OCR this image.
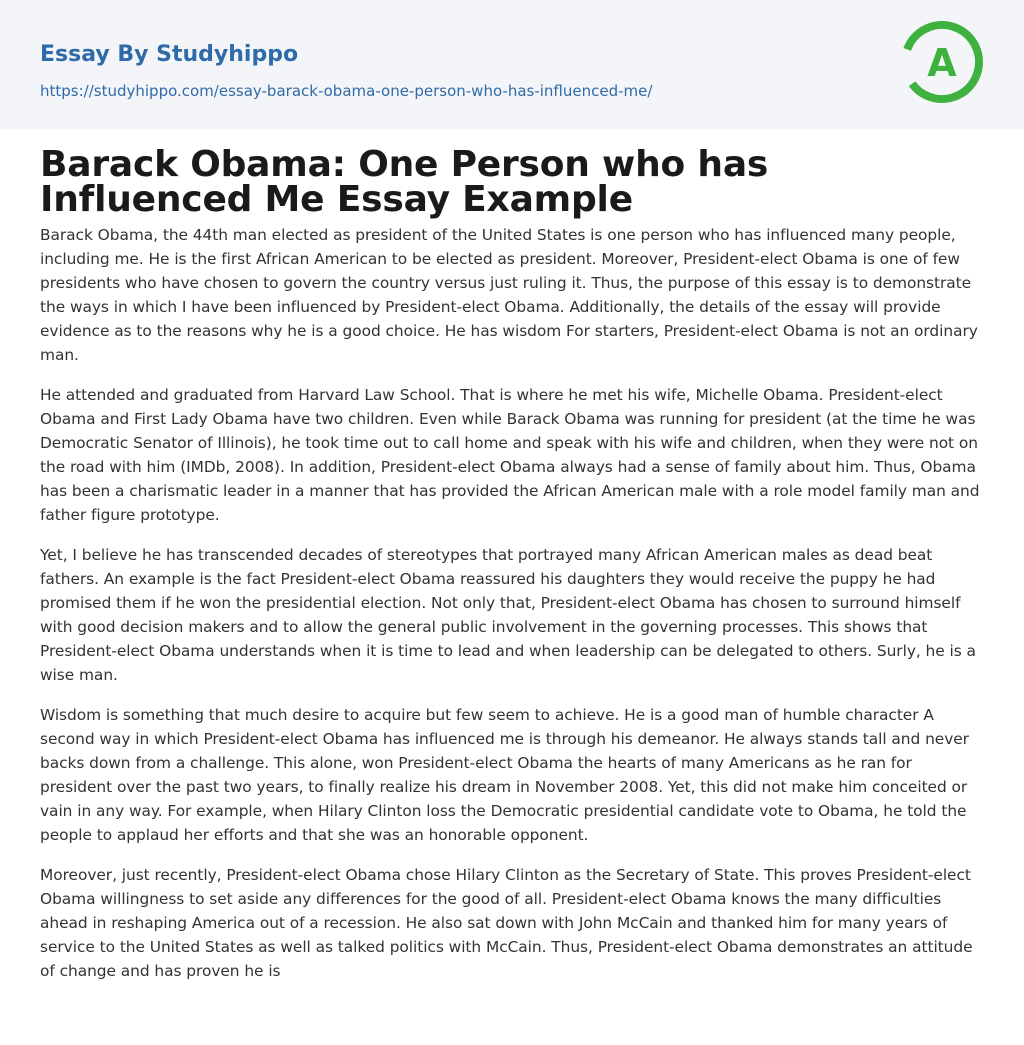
Essay By Studyhippo
https://studyhippo.com/essay-barack-obama-one-person-who-has-influenced-me/
A
Barack Obama: One Person who has Influenced Me Essay Example

Barack Obama, the 44th man elected as president of the United States is one person who has influenced many people, including me. He is the first African American to be elected as president. Moreover, President-elect Obama is one of few presidents who have chosen to govern the country versus just ruling it. Thus, the purpose of this essay is to demonstrate the ways in which I have been influenced by President-elect Obama. Additionally, the details of the essay will provide evidence as to the reasons why he is a good choice. He has wisdom For starters, President-elect Obama is not an ordinary man.

He attended and graduated from Harvard Law School. That is where he met his wife, Michelle Obama. President-elect Obama and First Lady Obama have two children. Even while Barack Obama was running for president (at the time he was Democratic Senator of Illinois), he took time out to call home and speak with his wife and children, when they were not on the road with him (IMDb, 2008). In addition, President-elect Obama always had a sense of family about him. Thus, Obama has been a charismatic leader in a manner that has provided the African American male with a role model family man and father figure prototype.

Yet, I believe he has transcended decades of stereotypes that portrayed many African American males as dead beat fathers. An example is the fact President-elect Obama reassured his daughters they would receive the puppy he had promised them if he won the presidential election. Not only that, President-elect Obama has chosen to surround himself with good decision makers and to allow the general public involvement in the governing processes. This shows that President-elect Obama understands when it is time to lead and when leadership can be delegated to others. Surly, he is a wise man.

Wisdom is something that much desire to acquire but few seem to achieve. He is a good man of humble character A second way in which President-elect Obama has influenced me is through his demeanor. He always stands tall and never backs down from a challenge. This alone, won President-elect Obama the hearts of many Americans as he ran for president over the past two years, to finally realize his dream in November 2008. Yet, this did not make him conceited or vain in any way. For example, when Hilary Clinton loss the Democratic presidential candidate vote to Obama, he told the people to applaud her efforts and that she was an honorable opponent.

Moreover, just recently, President-elect Obama chose Hilary Clinton as the Secretary of State. This proves President-elect Obama willingness to set aside any differences for the good of all. President-elect Obama knows the many difficulties ahead in reshaping America out of a recession. He also sat down with John McCain and thanked him for many years of service to the United States as well as talked politics with McCain. Thus, President-elect Obama demonstrates an attitude of change and has proven he is
